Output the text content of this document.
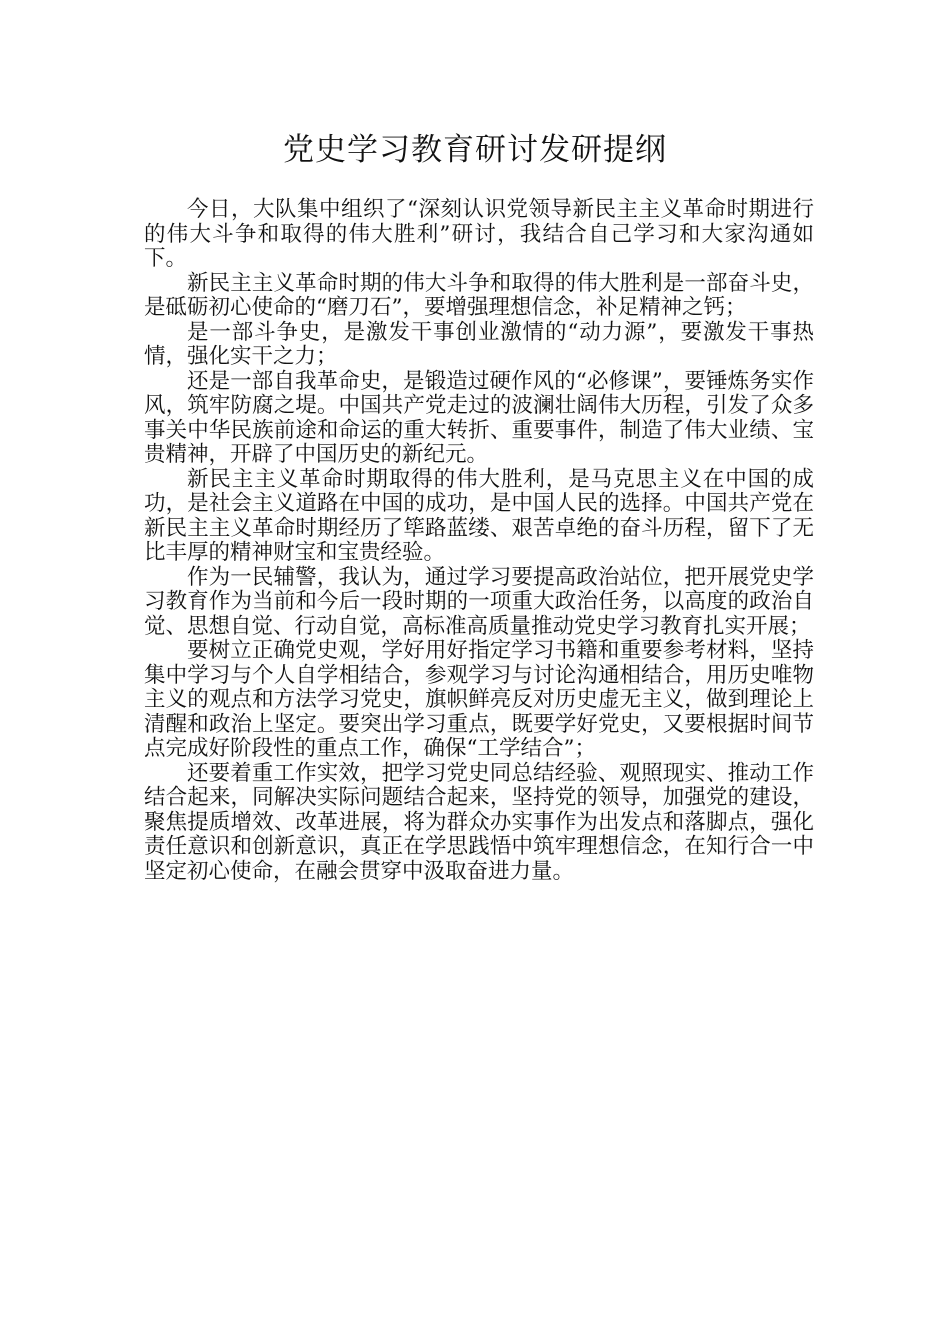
党史学习教育研讨发研提纲

今日，大队集中组织了“深刻认识党领导新民主主义革命时期进行的伟大斗争和取得的伟大胜利”研讨，我结合自己学习和大家沟通如下。

新民主主义革命时期的伟大斗争和取得的伟大胜利是一部奋斗史，是砥砺初心使命的“磨刀石”，要增强理想信念，补足精神之钙；

是一部斗争史，是激发干事创业激情的“动力源”，要激发干事热情，强化实干之力；

还是一部自我革命史，是锻造过硬作风的“必修课”，要锤炼务实作风，筑牢防腐之堤。中国共产党走过的波澜壮阔伟大历程，引发了众多事关中华民族前途和命运的重大转折、重要事件，制造了伟大业绩、宝贵精神，开辟了中国历史的新纪元。

新民主主义革命时期取得的伟大胜利，是马克思主义在中国的成功，是社会主义道路在中国的成功，是中国人民的选择。中国共产党在新民主主义革命时期经历了筚路蓝缕、艰苦卓绝的奋斗历程，留下了无比丰厚的精神财宝和宝贵经验。

作为一民辅警，我认为，通过学习要提高政治站位，把开展党史学习教育作为当前和今后一段时期的一项重大政治任务，以高度的政治自觉、思想自觉、行动自觉，高标准高质量推动党史学习教育扎实开展；

要树立正确党史观，学好用好指定学习书籍和重要参考材料，坚持集中学习与个人自学相结合，参观学习与讨论沟通相结合，用历史唯物主义的观点和方法学习党史，旗帜鲜亮反对历史虚无主义，做到理论上清醒和政治上坚定。要突出学习重点，既要学好党史，又要根据时间节点完成好阶段性的重点工作，确保“工学结合”；

还要着重工作实效，把学习党史同总结经验、观照现实、推动工作结合起来，同解决实际问题结合起来，坚持党的领导，加强党的建设，聚焦提质增效、改革进展，将为群众办实事作为出发点和落脚点，强化责任意识和创新意识，真正在学思践悟中筑牢理想信念，在知行合一中坚定初心使命，在融会贯穿中汲取奋进力量。
